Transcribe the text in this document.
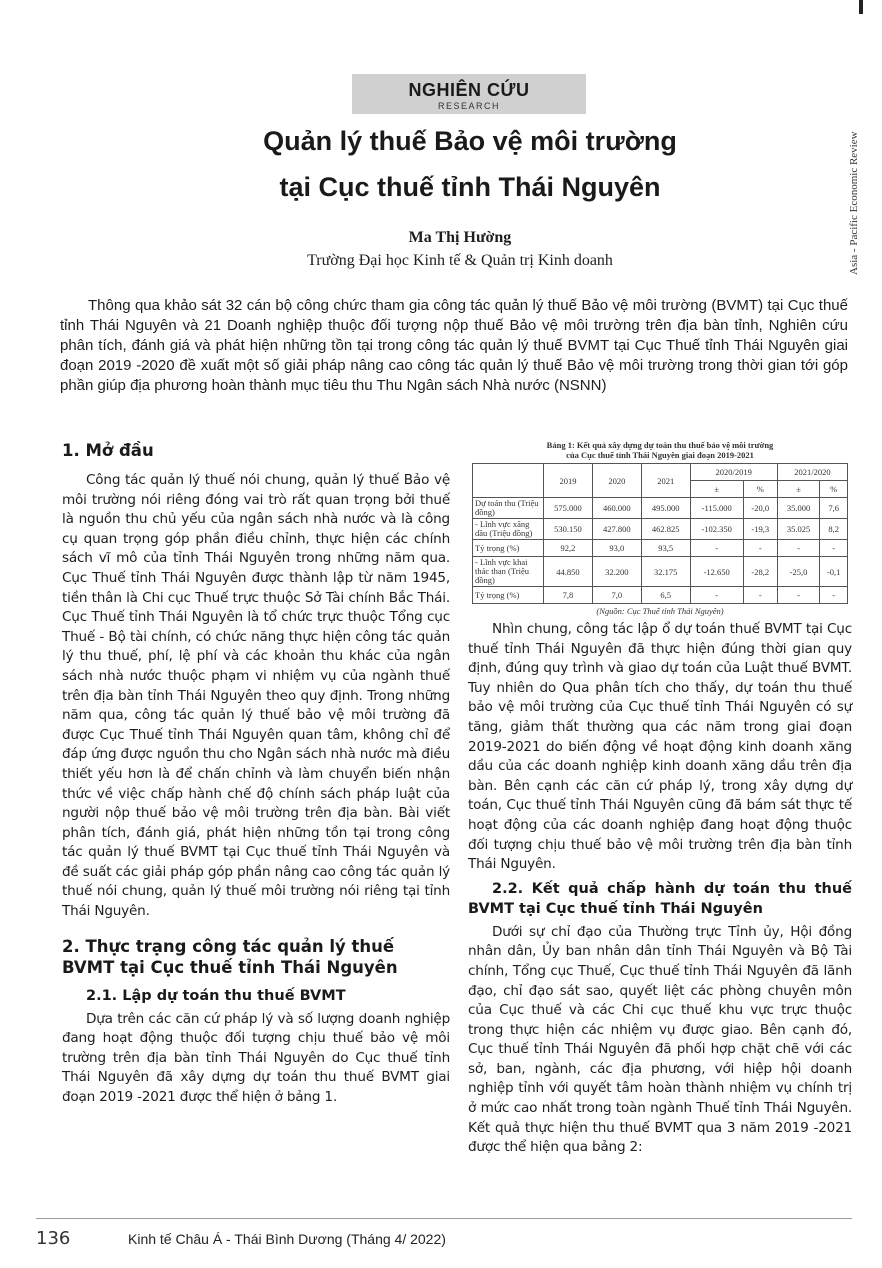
Asia - Pacific Economic Review
NGHIÊN CỨU
RESEARCH
Quản lý thuế Bảo vệ môi trường
tại Cục thuế tỉnh Thái Nguyên
Ma Thị Hường
Trường Đại học Kinh tế & Quản trị Kinh doanh
Thông qua khảo sát 32 cán bộ công chức tham gia công tác quản lý thuế Bảo vệ môi trường (BVMT) tại Cục thuế tỉnh Thái Nguyên và 21 Doanh nghiệp thuộc đối tượng nộp thuế Bảo vệ môi trường trên địa bàn tỉnh, Nghiên cứu phân tích, đánh giá và phát hiện những tồn tại trong công tác quản lý thuế BVMT tại Cục Thuế tỉnh Thái Nguyên giai đoạn 2019 -2020 đề xuất một số giải pháp nâng cao công tác quản lý thuế Bảo vệ môi trường trong thời gian tới góp phần giúp địa phương hoàn thành mục tiêu thu Thu Ngân sách Nhà nước (NSNN)

1. Mở đầu

Công tác quản lý thuế nói chung, quản lý thuế Bảo vệ môi trường nói riêng đóng vai trò rất quan trọng bởi thuế là nguồn thu chủ yếu của ngân sách nhà nước và là công cụ quan trọng góp phần điều chỉnh, thực hiện các chính sách vĩ mô của tỉnh Thái Nguyên trong những năm qua. Cục Thuế tỉnh Thái Nguyên được thành lập từ năm 1945, tiền thân là Chi cục Thuế trực thuộc Sở Tài chính Bắc Thái. Cục Thuế tỉnh Thái Nguyên là tổ chức trực thuộc Tổng cục Thuế - Bộ tài chính, có chức năng thực hiện công tác quản lý thu thuế, phí, lệ phí và các khoản thu khác của ngân sách nhà nước thuộc phạm vi nhiệm vụ của ngành thuế trên địa bàn tỉnh Thái Nguyên theo quy định. Trong những năm qua, công tác quản lý thuế bảo vệ môi trường đã được Cục Thuế tỉnh Thái Nguyên quan tâm, không chỉ để đáp ứng được nguồn thu cho Ngân sách nhà nước mà điều thiết yếu hơn là để chấn chỉnh và làm chuyển biến nhận thức về việc chấp hành chế độ chính sách pháp luật của người nộp thuế bảo vệ môi trường trên địa bàn. Bài viết phân tích, đánh giá, phát hiện những tồn tại trong công tác quản lý thuế BVMT tại Cục thuế tỉnh Thái Nguyên và đề suất các giải pháp góp phần nâng cao công tác quản lý thuế nói chung, quản lý thuế môi trường nói riêng tại tỉnh Thái Nguyên.

2. Thực trạng công tác quản lý thuế BVMT tại Cục thuế tỉnh Thái Nguyên

2.1. Lập dự toán thu thuế BVMT

Dựa trên các căn cứ pháp lý và số lượng doanh nghiệp đang hoạt động thuộc đối tượng chịu thuế bảo vệ môi trường trên địa bàn tỉnh Thái Nguyên do Cục thuế tỉnh Thái Nguyên đã xây dựng dự toán thu thuế BVMT giai đoạn 2019 -2021 được thể hiện ở bảng 1.

Bảng 1: Kết quả xây dựng dự toán thu thuế bảo vệ môi trường
của Cục thuế tỉnh Thái Nguyên giai đoạn 2019-2021
	2019	2020	2021	2020/2019		2021/2020	
				±	%	±	%
Dự toán thu (Triệu đồng)	575.000	460.000	495.000	-115.000	-20,0	35.000	7,6
- Lĩnh vực xăng dầu (Triệu đồng)	530.150	427.800	462.825	-102.350	-19,3	35.025	8,2
Tỷ trọng (%)	92,2	93,0	93,5	-	-	-	-
- Lĩnh vực khai thác than (Triệu đồng)	44.850	32.200	32.175	-12.650	-28,2	-25,0	-0,1
Tỷ trọng (%)	7,8	7,0	6,5	-	-	-	-
(Nguồn: Cục Thuế tỉnh Thái Nguyên)

Nhìn chung, công tác lập ổ dự toán thuế BVMT tại Cục thuế tỉnh Thái Nguyên đã thực hiện đúng thời gian quy định, đúng quy trình và giao dự toán của Luật thuế BVMT. Tuy nhiên do Qua phân tích cho thấy, dự toán thu thuế bảo vệ môi trường của Cục thuế tỉnh Thái Nguyên có sự tăng, giảm thất thường qua các năm trong giai đoạn 2019-2021 do biến động về hoạt động kinh doanh xăng dầu của các doanh nghiệp kinh doanh xăng dầu trên địa bàn. Bên cạnh các căn cứ pháp lý, trong xây dựng dự toán, Cục thuế tỉnh Thái Nguyên cũng đã bám sát thực tế hoạt động của các doanh nghiệp đang hoạt động thuộc đối tượng chịu thuế bảo vệ môi trường trên địa bàn tỉnh Thái Nguyên.

2.2. Kết quả chấp hành dự toán thu thuế BVMT tại Cục thuế tỉnh Thái Nguyên

Dưới sự chỉ đạo của Thường trực Tỉnh ủy, Hội đồng nhân dân, Ủy ban nhân dân tỉnh Thái Nguyên và Bộ Tài chính, Tổng cục Thuế, Cục thuế tỉnh Thái Nguyên đã lãnh đạo, chỉ đạo sát sao, quyết liệt các phòng chuyên môn của Cục thuế và các Chi cục thuế khu vực trực thuộc trong thực hiện các nhiệm vụ được giao. Bên cạnh đó, Cục thuế tỉnh Thái Nguyên đã phối hợp chặt chẽ với các sở, ban, ngành, các địa phương, với hiệp hội doanh nghiệp tỉnh với quyết tâm hoàn thành nhiệm vụ chính trị ở mức cao nhất trong toàn ngành Thuế tỉnh Thái Nguyên. Kết quả thực hiện thu thuế BVMT qua 3 năm 2019 -2021 được thể hiện qua bảng 2:

136	Kinh tế Châu Á - Thái Bình Dương (Tháng 4/ 2022)
